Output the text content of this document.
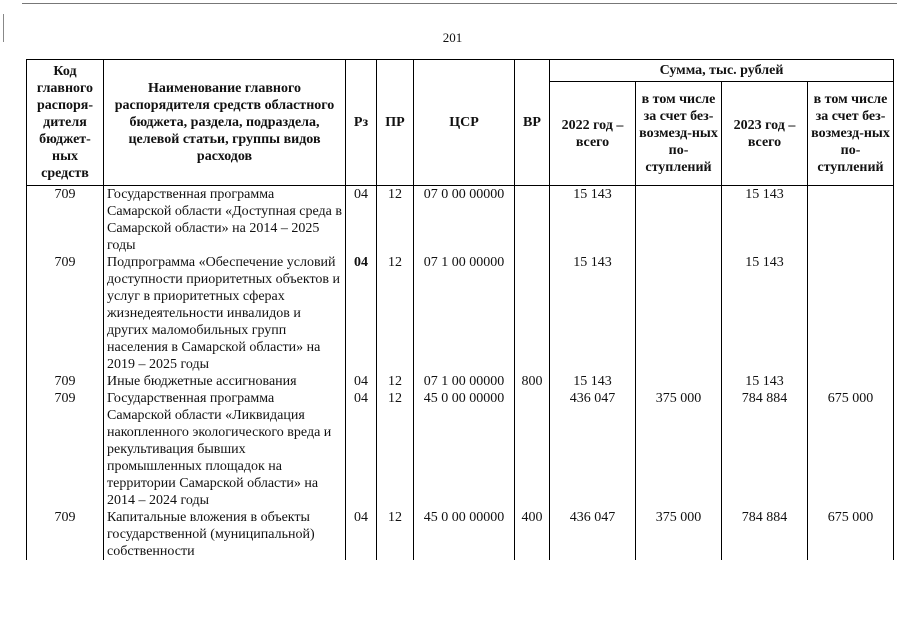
201
Код главного распоря-дителя бюджет-ных средств	Наименование главного распорядителя средств областного бюджета, раздела, подраздела, целевой статьи, группы видов расходов	Рз	ПР	ЦСР	ВР	Сумма, тыс. рублей			
						2022 год – всего	в том числе за счет без-возмезд-ных по-ступлений	2023 год – всего	в том числе за счет без-возмезд-ных по-ступлений
709	Государственная программа Самарской области «Доступная среда в Самарской области» на 2014 – 2025 годы	04	12	07 0 00 00000		15 143		15 143	
709	Подпрограмма «Обеспечение условий доступности приоритетных объектов и услуг в приоритетных сферах жизнедеятельности инвалидов и других маломобильных групп населения в Самарской области» на 2019 – 2025 годы	04	12	07 1 00 00000		15 143		15 143	
709	Иные бюджетные ассигнования	04	12	07 1 00 00000	800	15 143		15 143	
709	Государственная программа Самарской области «Ликвидация накопленного экологического вреда и рекультивация бывших промышленных площадок на территории Самарской области» на 2014 – 2024 годы	04	12	45 0 00 00000		436 047	375 000	784 884	675 000
709	Капитальные вложения в объекты государственной (муниципальной) собственности	04	12	45 0 00 00000	400	436 047	375 000	784 884	675 000
